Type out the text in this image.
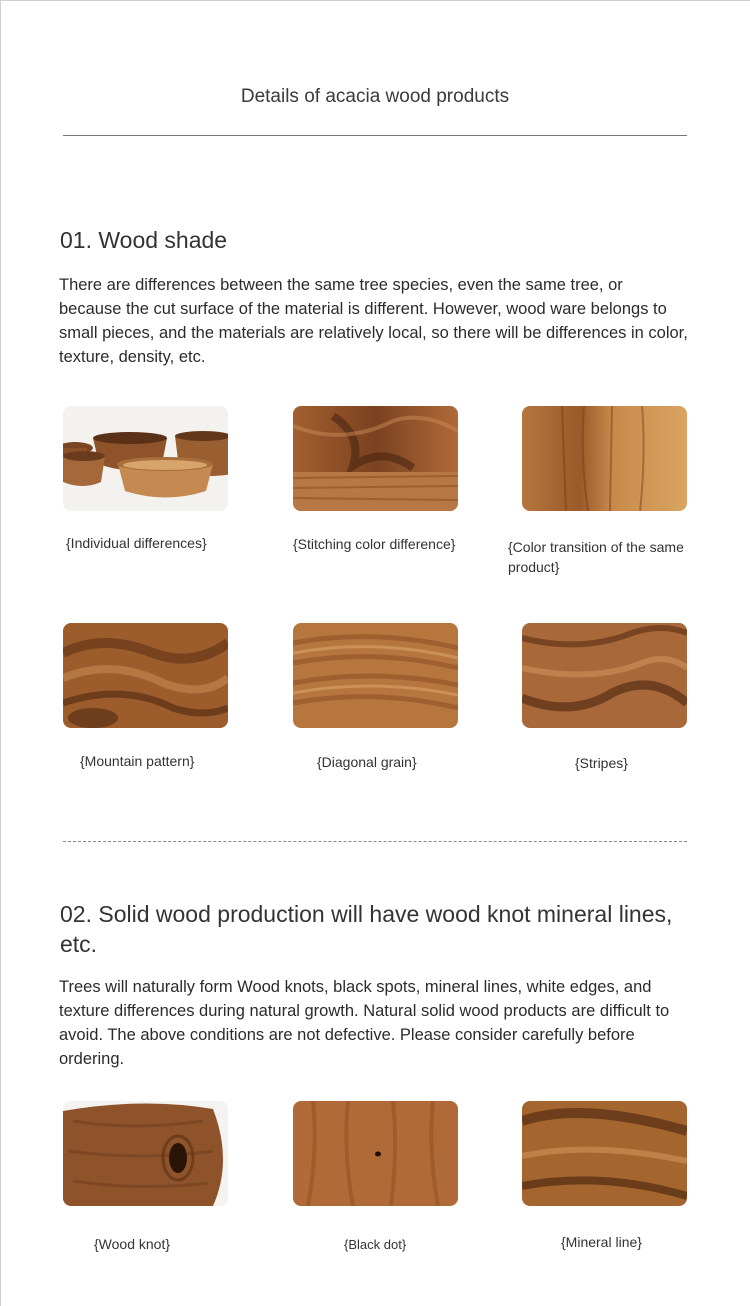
Details of acacia wood products
01. Wood shade
There are differences between the same tree species, even the same tree, or because the cut surface of the material is different. However, wood ware belongs to small pieces, and the materials are relatively local, so there will be differences in color, texture, density, etc.
{Individual differences}	{Stitching color difference}	{Color transition of the same product}
{Mountain pattern}	{Diagonal grain}	{Stripes}
02. Solid wood production will have wood knot mineral lines, etc.
Trees will naturally form Wood knots, black spots, mineral lines, white edges, and texture differences during natural growth. Natural solid wood products are difficult to avoid. The above conditions are not defective. Please consider carefully before ordering.
{Wood knot}	{Black dot}	{Mineral line}
